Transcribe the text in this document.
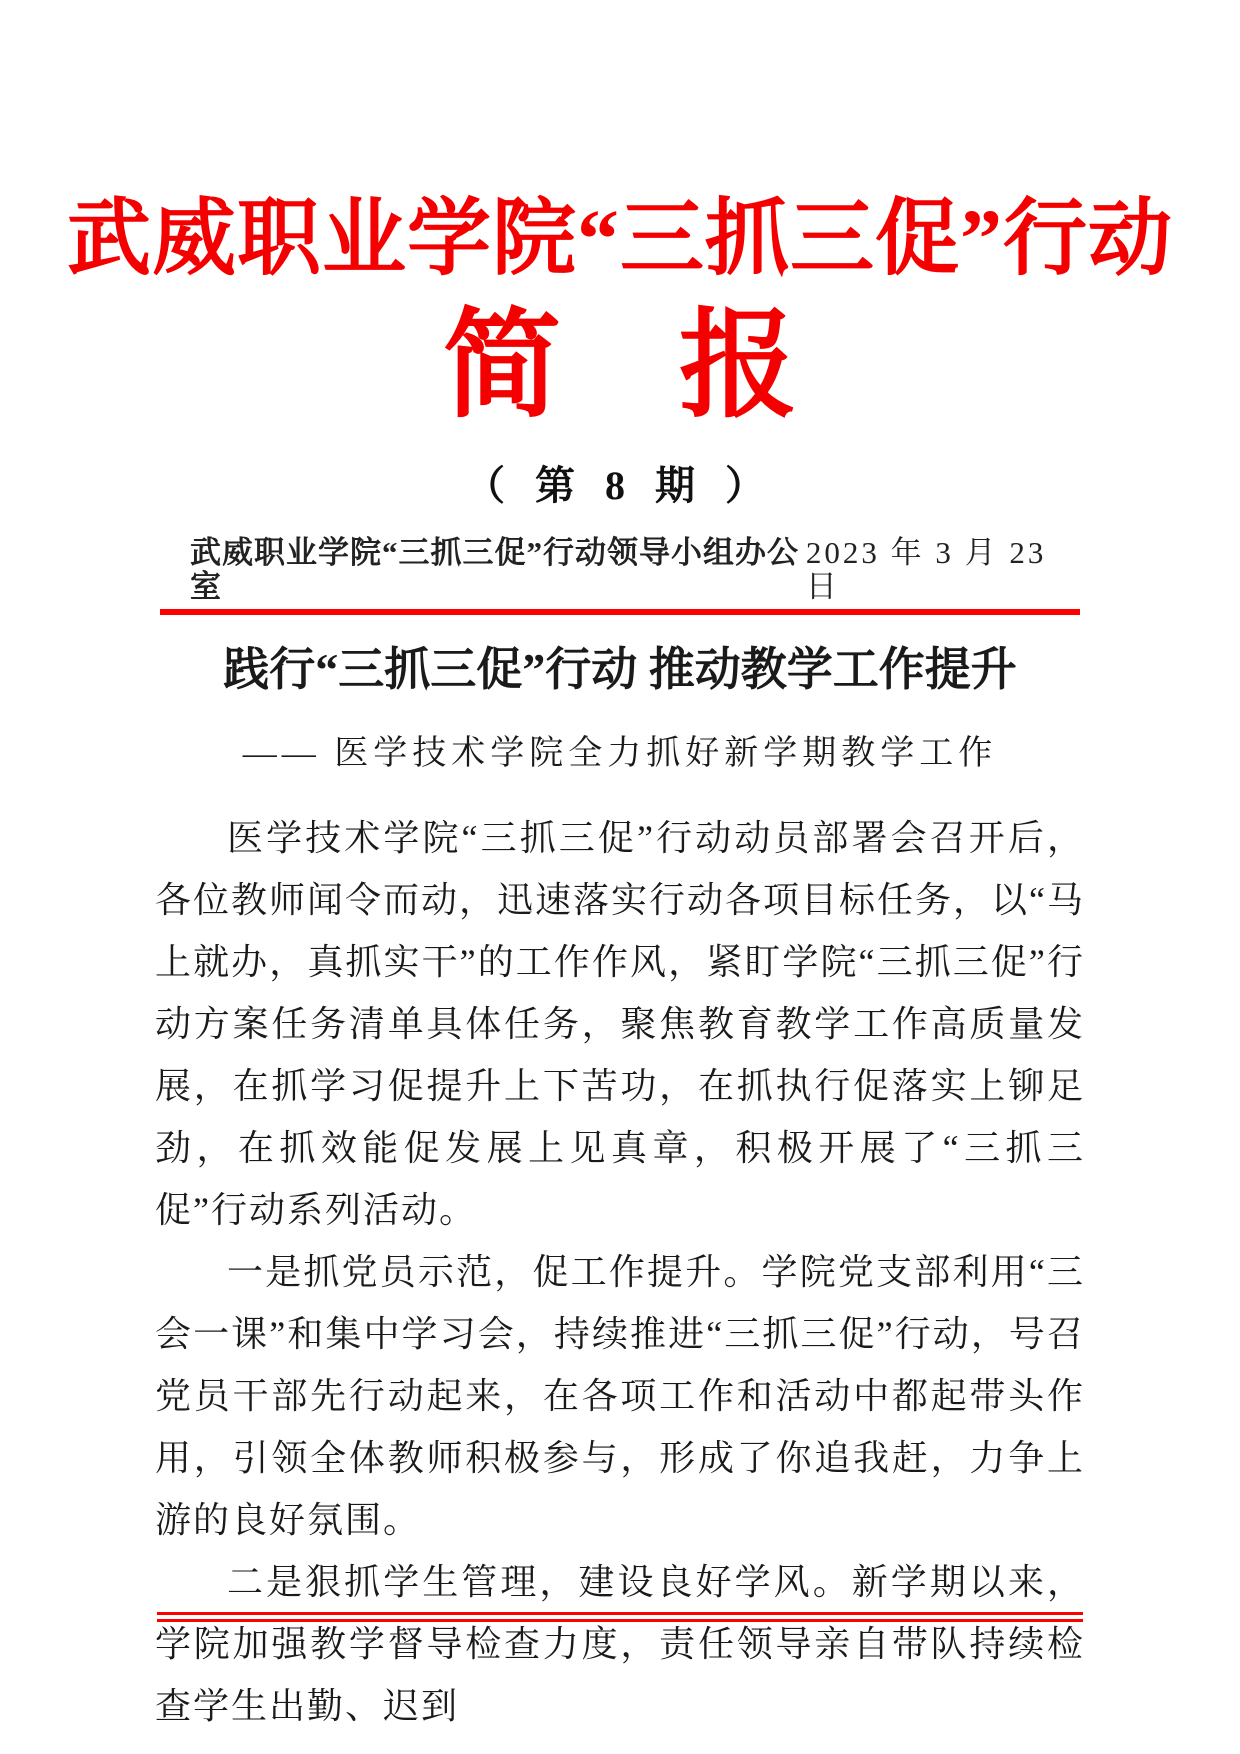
武威职业学院“三抓三促”行动
简　报
（ 第 8 期 ）
武威职业学院“三抓三促”行动领导小组办公室
2023 年 3 月 23 日
践行“三抓三促”行动 推动教学工作提升
—— 医学技术学院全力抓好新学期教学工作

医学技术学院“三抓三促”行动动员部署会召开后，各位教师闻令而动，迅速落实行动各项目标任务，以“马上就办，真抓实干”的工作作风，紧盯学院“三抓三促”行动方案任务清单具体任务，聚焦教育教学工作高质量发展，在抓学习促提升上下苦功，在抓执行促落实上铆足劲，在抓效能促发展上见真章，积极开展了“三抓三促”行动系列活动。

一是抓党员示范，促工作提升。学院党支部利用“三会一课”和集中学习会，持续推进“三抓三促”行动，号召党员干部先行动起来，在各项工作和活动中都起带头作用，引领全体教师积极参与，形成了你追我赶，力争上游的良好氛围。

二是狠抓学生管理，建设良好学风。新学期以来，学院加强教学督导检查力度，责任领导亲自带队持续检查学生出勤、迟到
